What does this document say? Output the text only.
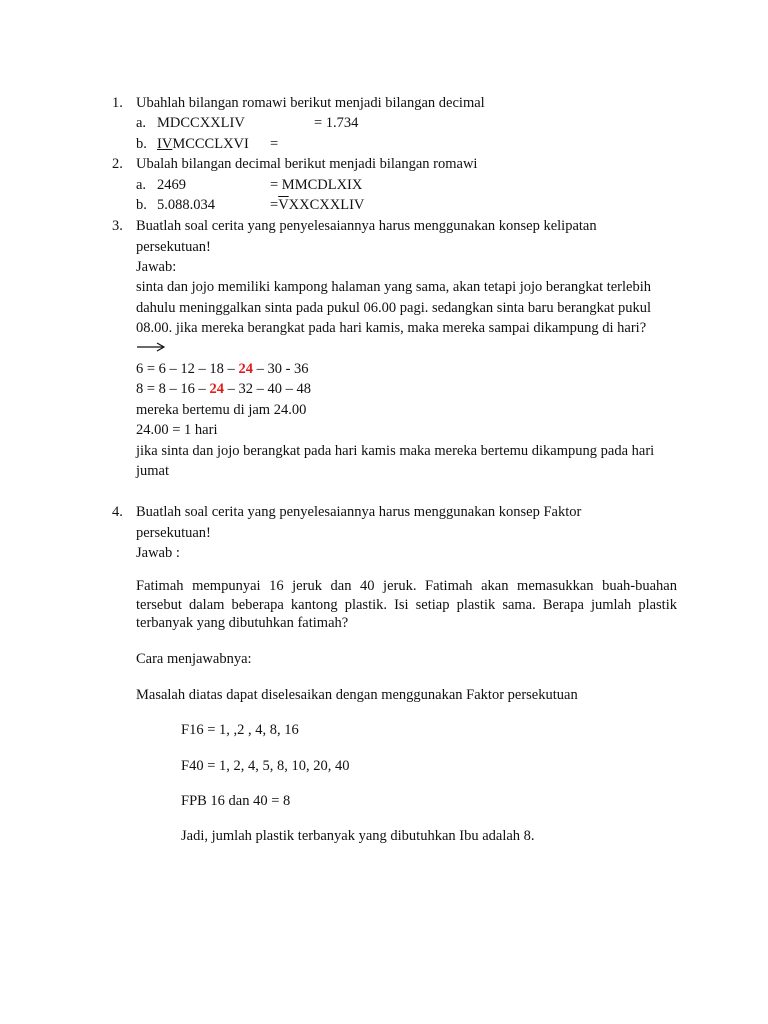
1. Ubahlah bilangan romawi berikut menjadi bilangan decimal
a. MDCCXXLIV	= 1.734
b. IVMCCCLXVI =
2. Ubalah bilangan decimal berikut menjadi bilangan romawi
a. 2469	= MMCDLXIX
b. 5.088.034	$=\overline{V}XXCXXLIV$
3. Buatlah soal cerita yang penyelesaiannya harus menggunakan konsep kelipatan
persekutuan!
Jawab:
sinta dan jojo memiliki kampong halaman yang sama, akan tetapi jojo berangkat terlebih
dahulu meninggalkan sinta pada pukul 06.00 pagi. sedangkan sinta baru berangkat pukul
08.00. jika mereka berangkat pada hari kamis, maka mereka sampai dikampung di hari?
6 = 6 – 12 – 18 – 24 – 30 - 36
8 = 8 – 16 – 24 – 32 – 40 – 48
mereka bertemu di jam 24.00
24.00 = 1 hari
jika sinta dan jojo berangkat pada hari kamis maka mereka bertemu dikampung pada hari
jumat
4. Buatlah soal cerita yang penyelesaiannya harus menggunakan konsep Faktor
persekutuan!
Jawab :
Fatimah mempunyai 16 jeruk dan 40 jeruk. Fatimah akan memasukkan buah-buahan
tersebut dalam beberapa kantong plastik. Isi setiap plastik sama. Berapa jumlah plastik
terbanyak yang dibutuhkan fatimah?
Cara menjawabnya:
Masalah diatas dapat diselesaikan dengan menggunakan Faktor persekutuan
F16 = 1, ,2 , 4, 8, 16
F40 = 1, 2, 4, 5, 8, 10, 20, 40
FPB 16 dan 40 = 8
Jadi, jumlah plastik terbanyak yang dibutuhkan Ibu adalah 8.
